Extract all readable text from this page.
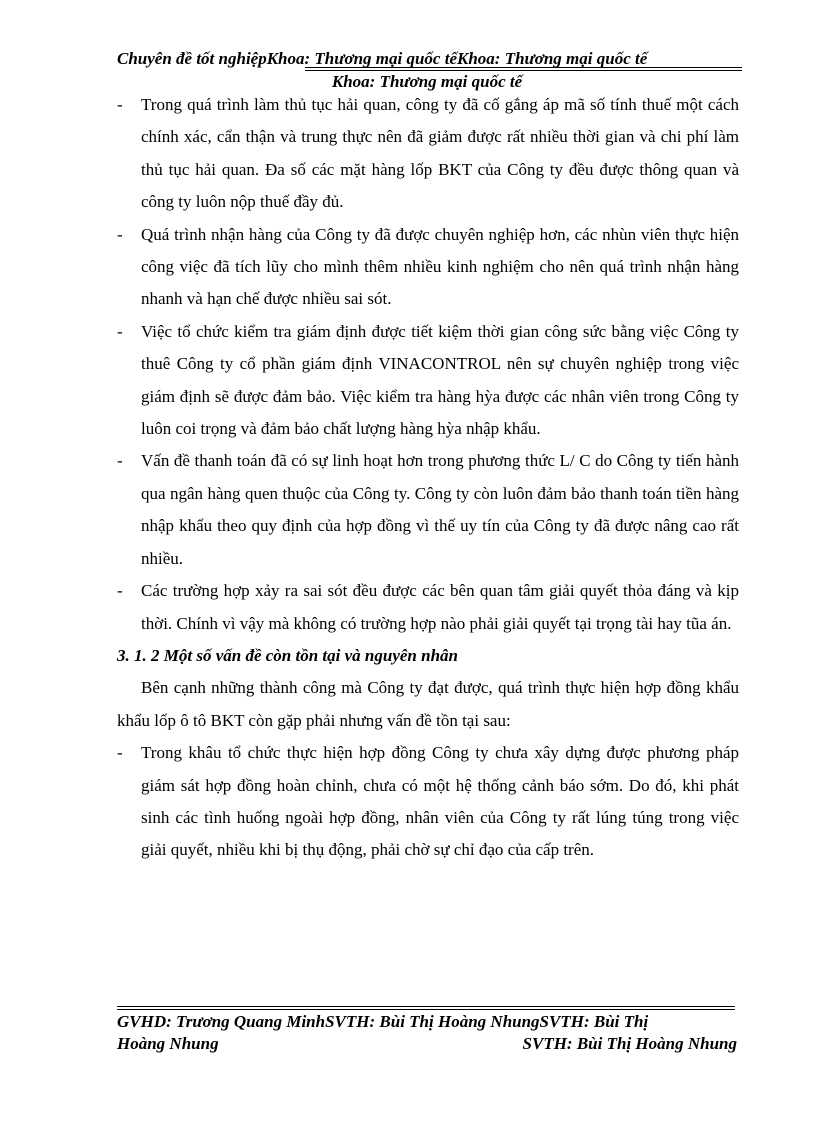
Chuyên đề tốt nghiệpKhoa: Thương mại quốc tếKhoa: Thương mại quốc tế
Khoa: Thương mại quốc tế

- Trong quá trình làm thủ tục hải quan, công ty đã cố gắng áp mã số tính thuế một cách chính xác, cẩn thận và trung thực nên đã giảm được rất nhiều thời gian và chi phí làm thủ tục hải quan. Đa số các mặt hàng lốp BKT của Công ty đều được thông quan và công ty luôn nộp thuế đầy đủ.

- Quá trình nhận hàng của Công ty đã được chuyên nghiệp hơn, các nhùn viên thực hiện công việc đã tích lũy cho mình thêm nhiều kinh nghiệm cho nên quá trình nhận hàng nhanh và hạn chế được nhiều sai sót.

- Việc tổ chức kiểm tra giám định được tiết kiệm thời gian công sức bằng việc Công ty thuê Công ty cổ phần giám định VINACONTROL nên sự chuyên nghiệp trong việc giám định sẽ được đảm bảo. Việc kiểm tra hàng hỳa được các nhân viên trong Công ty luôn coi trọng và đảm bảo chất lượng hàng hỳa nhập khẩu.

- Vấn đề thanh toán đã có sự linh hoạt hơn trong phương thức L/ C do Công ty tiến hành qua ngân hàng quen thuộc của Công ty. Công ty còn luôn đảm bảo thanh toán tiền hàng nhập khẩu theo quy định của hợp đồng vì thế uy tín của Công ty đã được nâng cao rất nhiều.

- Các trường hợp xảy ra sai sót đều được các bên quan tâm giải quyết thỏa đáng và kịp thời. Chính vì vậy mà không có trường hợp nào phải giải quyết tại trọng tài hay tũa án.

3. 1. 2 Một số vấn đề còn tồn tại và nguyên nhân

Bên cạnh những thành công mà Công ty đạt được, quá trình thực hiện hợp đồng khẩu khẩu lốp ô tô BKT còn gặp phải nhưng vấn đề tồn tại sau:

- Trong khâu tổ chức thực hiện hợp đồng Công ty chưa xây dựng được phương pháp giám sát hợp đồng hoàn chỉnh, chưa có một hệ thống cảnh báo sớm. Do đó, khi phát sinh các tình huống ngoài hợp đồng, nhân viên của Công ty rất lúng túng trong việc giải quyết, nhiều khi bị thụ động, phải chờ sự chỉ đạo của cấp trên.

GVHD: Trương Quang MinhSVTH: Bùi Thị Hoàng NhungSVTH: Bùi Thị
Hoàng Nhung	SVTH: Bùi Thị Hoàng Nhung
